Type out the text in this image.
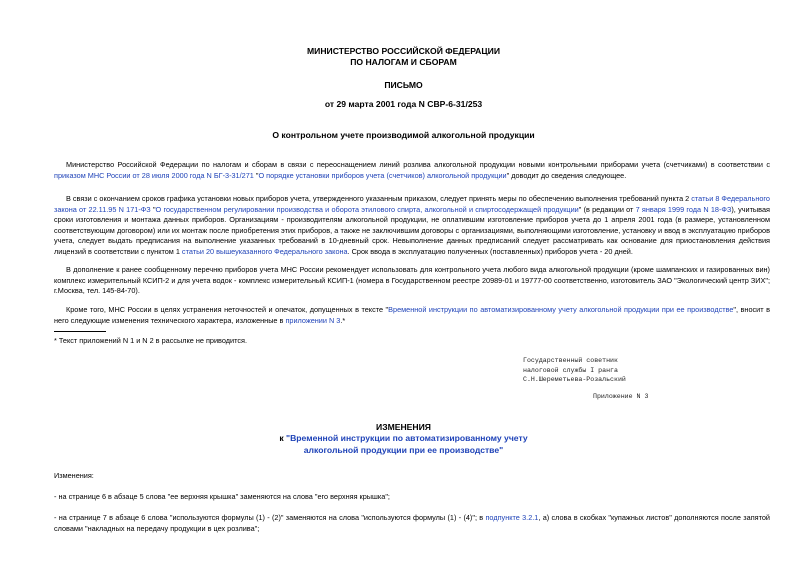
МИНИСТЕРСТВО РОССИЙСКОЙ ФЕДЕРАЦИИ
ПО НАЛОГАМ И СБОРАМ
ПИСЬМО
от 29 марта 2001 года N СВР-6-31/253
О контрольном учете производимой алкогольной продукции
Министерство Российской Федерации по налогам и сборам в связи с переоснащением линий розлива алкогольной продукции новыми контрольными приборами учета (счетчиками) в соответствии с приказом МНС России от 28 июля 2000 года N БГ-3-31/271 "О порядке установки приборов учета (счетчиков) алкогольной продукции" доводит до сведения следующее.
В связи с окончанием сроков графика установки новых приборов учета, утвержденного указанным приказом, следует принять меры по обеспечению выполнения требований пункта 2 статьи 8 Федерального закона от 22.11.95 N 171-ФЗ "О государственном регулировании производства и оборота этилового спирта, алкогольной и спиртосодержащей продукции" (в редакции от 7 января 1999 года N 18-ФЗ), учитывая сроки изготовления и монтажа данных приборов. Организациям - производителям алкогольной продукции, не оплатившим изготовление приборов учета до 1 апреля 2001 года (в размере, установленном соответствующим договором) или их монтаж после приобретения этих приборов, а также не заключившим договоры с организациями, выполняющими изготовление, установку и ввод в эксплуатацию приборов учета, следует выдать предписания на выполнение указанных требований в 10-дневный срок. Невыполнение данных предписаний следует рассматривать как основание для приостановления действия лицензий в соответствии с пунктом 1 статьи 20 вышеуказанного Федерального закона. Срок ввода в эксплуатацию полученных (поставленных) приборов учета - 20 дней.
В дополнение к ранее сообщенному перечню приборов учета МНС России рекомендует использовать для контрольного учета любого вида алкогольной продукции (кроме шампанских и газированных вин) комплекс измерительный КСИП-2 и для учета водок - комплекс измерительный КСИП-1 (номера в Государственном реестре 20989-01 и 19777-00 соответственно, изготовитель ЗАО "Экологический центр ЗИХ"; г.Москва, тел. 145-84-70).
Кроме того, МНС России в целях устранения неточностей и опечаток, допущенных в тексте "Временной инструкции по автоматизированному учету алкогольной продукции при ее производстве", вносит в него следующие изменения технического характера, изложенные в приложении N 3.*
* Текст приложений N 1 и N 2 в рассылке не приводится.
Государственный советник
налоговой службы I ранга
С.Н.Шереметьева-Розальский
Приложение N 3
ИЗМЕНЕНИЯ
к "Временной инструкции по автоматизированному учету
алкогольной продукции при ее производстве"
Изменения:
- на странице 6 в абзаце 5 слова "ее верхняя крышка" заменяются на слова "его верхняя крышка";
- на странице 7 в абзаце 6 слова "используются формулы (1) - (2)" заменяются на слова "используются формулы (1) - (4)"; в подпункте 3.2.1, а) слова в скобках "купажных листов" дополняются после запятой словами "накладных на передачу продукции в цех розлива";
